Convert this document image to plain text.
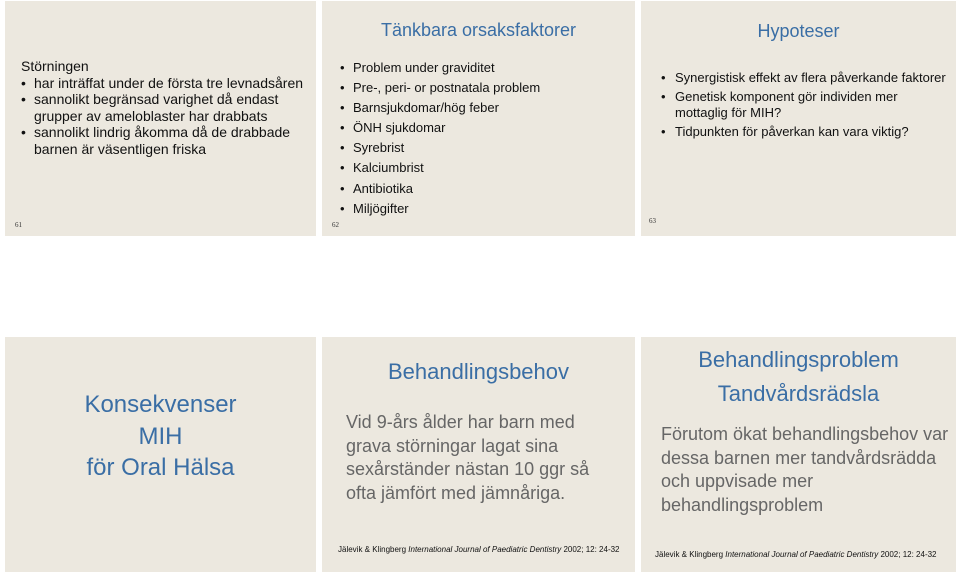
Störningen
• har inträffat under de första tre levnadsåren
• sannolikt begränsad varighet då endast grupper av ameloblaster har drabbats
• sannolikt lindrig åkomma då de drabbade barnen är väsentligen friska
61
Tänkbara orsaksfaktorer
• Problem under graviditet
• Pre-, peri- or postnatala problem
• Barnsjukdomar/hög feber
• ÖNH sjukdomar
• Syrebrist
• Kalciumbrist
• Antibiotika
• Miljögifter
62
Hypoteser
• Synergistisk effekt av flera påverkande faktorer
• Genetisk komponent gör individen mer mottaglig för MIH?
• Tidpunkten för påverkan kan vara viktig?
63
Konsekvenser
MIH
för Oral Hälsa
Behandlingsbehov
Vid 9-års ålder har barn med grava störningar lagat sina sexårständer nästan 10 ggr så ofta jämfört med jämnåriga.
Jälevik & Klingberg International Journal of Paediatric Dentistry 2002; 12: 24-32
Behandlingsproblem
Tandvårdsrädsla
Förutom ökat behandlingsbehov var dessa barnen mer tandvårdsrädda och uppvisade mer behandlingsproblem
Jälevik & Klingberg International Journal of Paediatric Dentistry 2002; 12: 24-32
